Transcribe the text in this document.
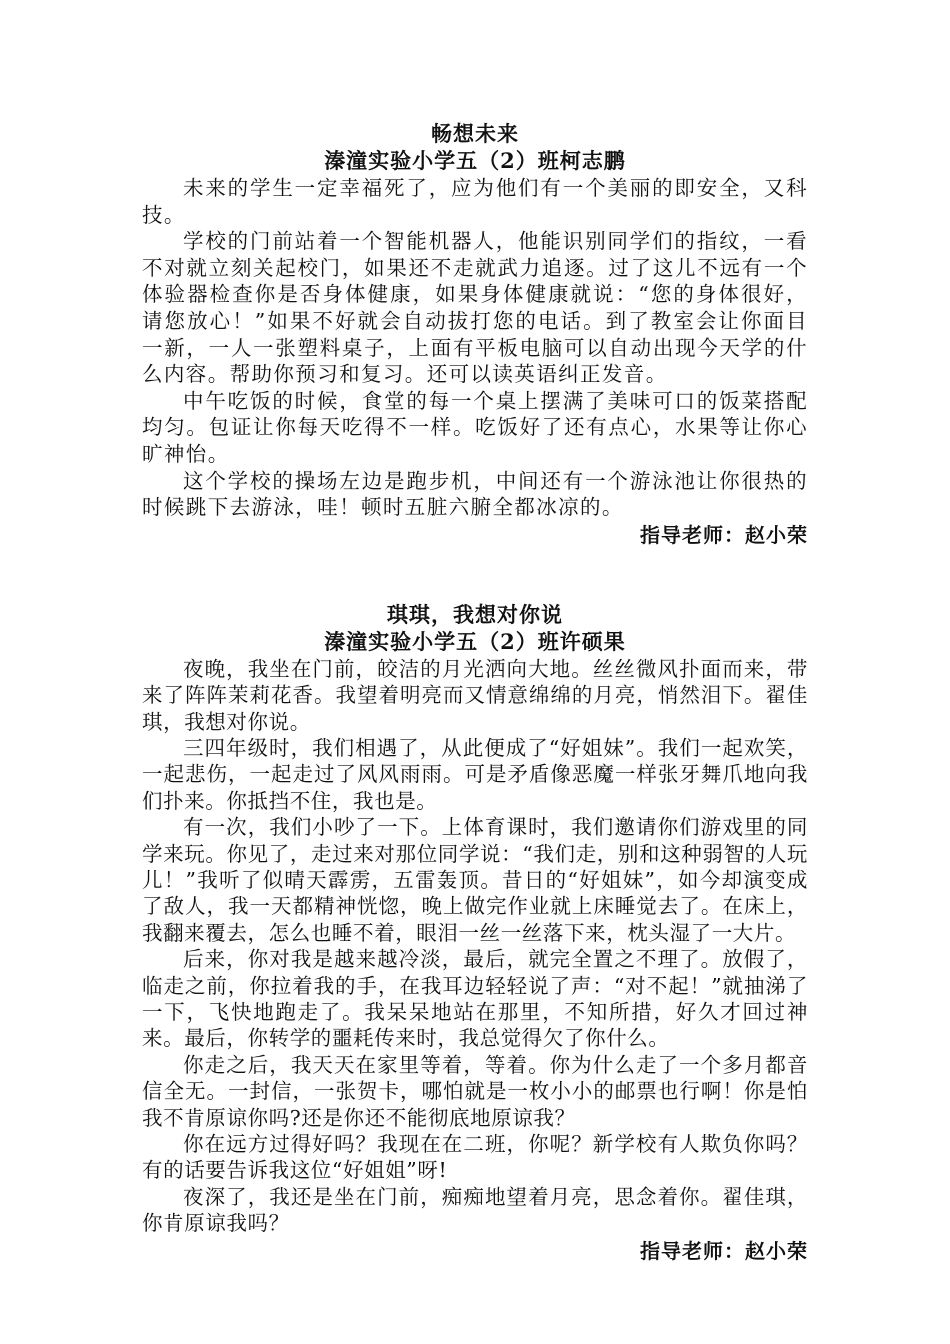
畅想未来

溱潼实验小学五（2）班柯志鹏

未来的学生一定幸福死了，应为他们有一个美丽的即安全，又科技。

学校的门前站着一个智能机器人，他能识别同学们的指纹，一看不对就立刻关起校门，如果还不走就武力追逐。过了这儿不远有一个体验器检查你是否身体健康，如果身体健康就说：“您的身体很好，请您放心！”如果不好就会自动拔打您的电话。到了教室会让你面目一新，一人一张塑料桌子，上面有平板电脑可以自动出现今天学的什么内容。帮助你预习和复习。还可以读英语纠正发音。

中午吃饭的时候，食堂的每一个桌上摆满了美味可口的饭菜搭配均匀。包证让你每天吃得不一样。吃饭好了还有点心，水果等让你心旷神怡。

这个学校的操场左边是跑步机，中间还有一个游泳池让你很热的时候跳下去游泳，哇！顿时五脏六腑全都冰凉的。

指导老师：赵小荣

琪琪，我想对你说

溱潼实验小学五（2）班许硕果

夜晚，我坐在门前，皎洁的月光洒向大地。丝丝微风扑面而来，带来了阵阵茉莉花香。我望着明亮而又情意绵绵的月亮，悄然泪下。翟佳琪，我想对你说。

三四年级时，我们相遇了，从此便成了“好姐妹”。我们一起欢笑，一起悲伤，一起走过了风风雨雨。可是矛盾像恶魔一样张牙舞爪地向我们扑来。你抵挡不住，我也是。

有一次，我们小吵了一下。上体育课时，我们邀请你们游戏里的同学来玩。你见了，走过来对那位同学说：“我们走，别和这种弱智的人玩儿！”我听了似晴天霹雳，五雷轰顶。昔日的“好姐妹”，如今却演变成了敌人，我一天都精神恍惚，晚上做完作业就上床睡觉去了。在床上，我翻来覆去，怎么也睡不着，眼泪一丝一丝落下来，枕头湿了一大片。

后来，你对我是越来越冷淡，最后，就完全置之不理了。放假了，临走之前，你拉着我的手，在我耳边轻轻说了声：“对不起！”就抽涕了一下，飞快地跑走了。我呆呆地站在那里，不知所措，好久才回过神来。最后，你转学的噩耗传来时，我总觉得欠了你什么。

你走之后，我天天在家里等着，等着。你为什么走了一个多月都音信全无。一封信，一张贺卡，哪怕就是一枚小小的邮票也行啊！你是怕我不肯原谅你吗?还是你还不能彻底地原谅我？

你在远方过得好吗？我现在在二班，你呢？新学校有人欺负你吗？有的话要告诉我这位“好姐姐”呀!

夜深了，我还是坐在门前，痴痴地望着月亮，思念着你。翟佳琪，你肯原谅我吗？

指导老师：赵小荣
